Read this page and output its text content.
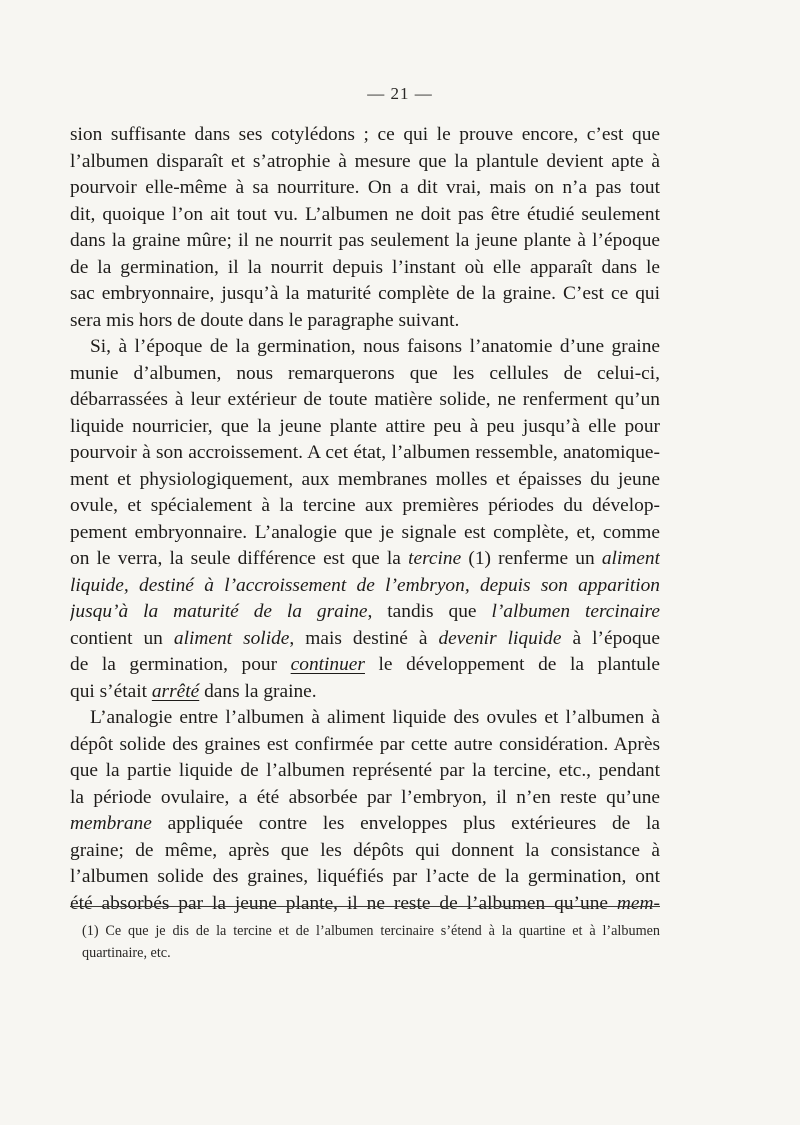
— 21 —
sion suffisante dans ses cotylédons ; ce qui le prouve encore, c’est que
l’albumen disparaît et s’atrophie à mesure que la plantule devient apte à
pourvoir elle-même à sa nourriture. On a dit vrai, mais on n’a pas tout
dit, quoique l’on ait tout vu. L’albumen ne doit pas être étudié seulement
dans la graine mûre; il ne nourrit pas seulement la jeune plante à l’époque
de la germination, il la nourrit depuis l’instant où elle apparaît dans le
sac embryonnaire, jusqu’à la maturité complète de la graine. C’est ce qui
sera mis hors de doute dans le paragraphe suivant.
Si, à l’époque de la germination, nous faisons l’anatomie d’une graine
munie d’albumen, nous remarquerons que les cellules de celui-ci,
débarrassées à leur extérieur de toute matière solide, ne renferment qu’un
liquide nourricier, que la jeune plante attire peu à peu jusqu’à elle pour
pourvoir à son accroissement. A cet état, l’albumen ressemble, anatomique-
ment et physiologiquement, aux membranes molles et épaisses du jeune
ovule, et spécialement à la tercine aux premières périodes du dévelop-
pement embryonnaire. L’analogie que je signale est complète, et, comme
on le verra, la seule différence est que la tercine (1) renferme un aliment
liquide, destiné à l’accroissement de l’embryon, depuis son apparition
jusqu’à la maturité de la graine, tandis que l’albumen tercinaire
contient un aliment solide, mais destiné à devenir liquide à l’époque
de la germination, pour continuer le développement de la plantule
qui s’était arrêté dans la graine.
L’analogie entre l’albumen à aliment liquide des ovules et l’albumen à
dépôt solide des graines est confirmée par cette autre considération. Après
que la partie liquide de l’albumen représenté par la tercine, etc., pendant
la période ovulaire, a été absorbée par l’embryon, il n’en reste qu’une
membrane appliquée contre les enveloppes plus extérieures de la
graine; de même, après que les dépôts qui donnent la consistance à
l’albumen solide des graines, liquéfiés par l’acte de la germination, ont
été absorbés par la jeune plante, il ne reste de l’albumen qu’une mem-
(1) Ce que je dis de la tercine et de l’albumen tercinaire s’étend à la quartine et à l’albumen
quartinaire, etc.
